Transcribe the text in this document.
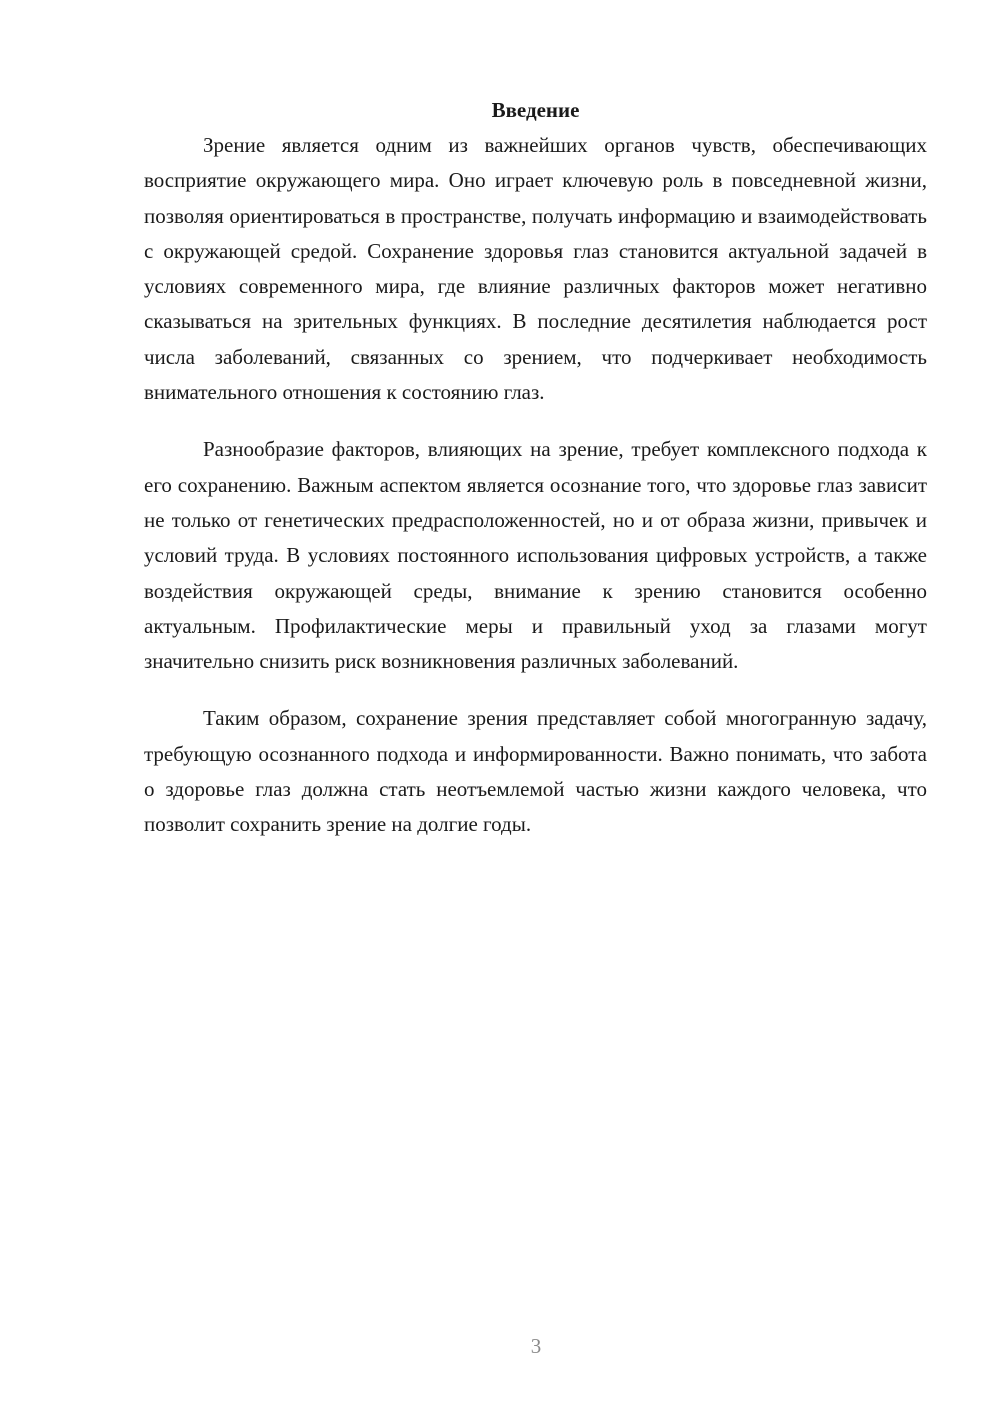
Введение

Зрение является одним из важнейших органов чувств, обеспечивающих восприятие окружающего мира. Оно играет ключевую роль в повседневной жизни, позволяя ориентироваться в пространстве, получать информацию и взаимодействовать с окружающей средой. Сохранение здоровья глаз становится актуальной задачей в условиях современного мира, где влияние различных факторов может негативно сказываться на зрительных функциях. В последние десятилетия наблюдается рост числа заболеваний, связанных со зрением, что подчеркивает необходимость внимательного отношения к состоянию глаз.

Разнообразие факторов, влияющих на зрение, требует комплексного подхода к его сохранению. Важным аспектом является осознание того, что здоровье глаз зависит не только от генетических предрасположенностей, но и от образа жизни, привычек и условий труда. В условиях постоянного использования цифровых устройств, а также воздействия окружающей среды, внимание к зрению становится особенно актуальным. Профилактические меры и правильный уход за глазами могут значительно снизить риск возникновения различных заболеваний.

Таким образом, сохранение зрения представляет собой многогранную задачу, требующую осознанного подхода и информированности. Важно понимать, что забота о здоровье глаз должна стать неотъемлемой частью жизни каждого человека, что позволит сохранить зрение на долгие годы.

3
